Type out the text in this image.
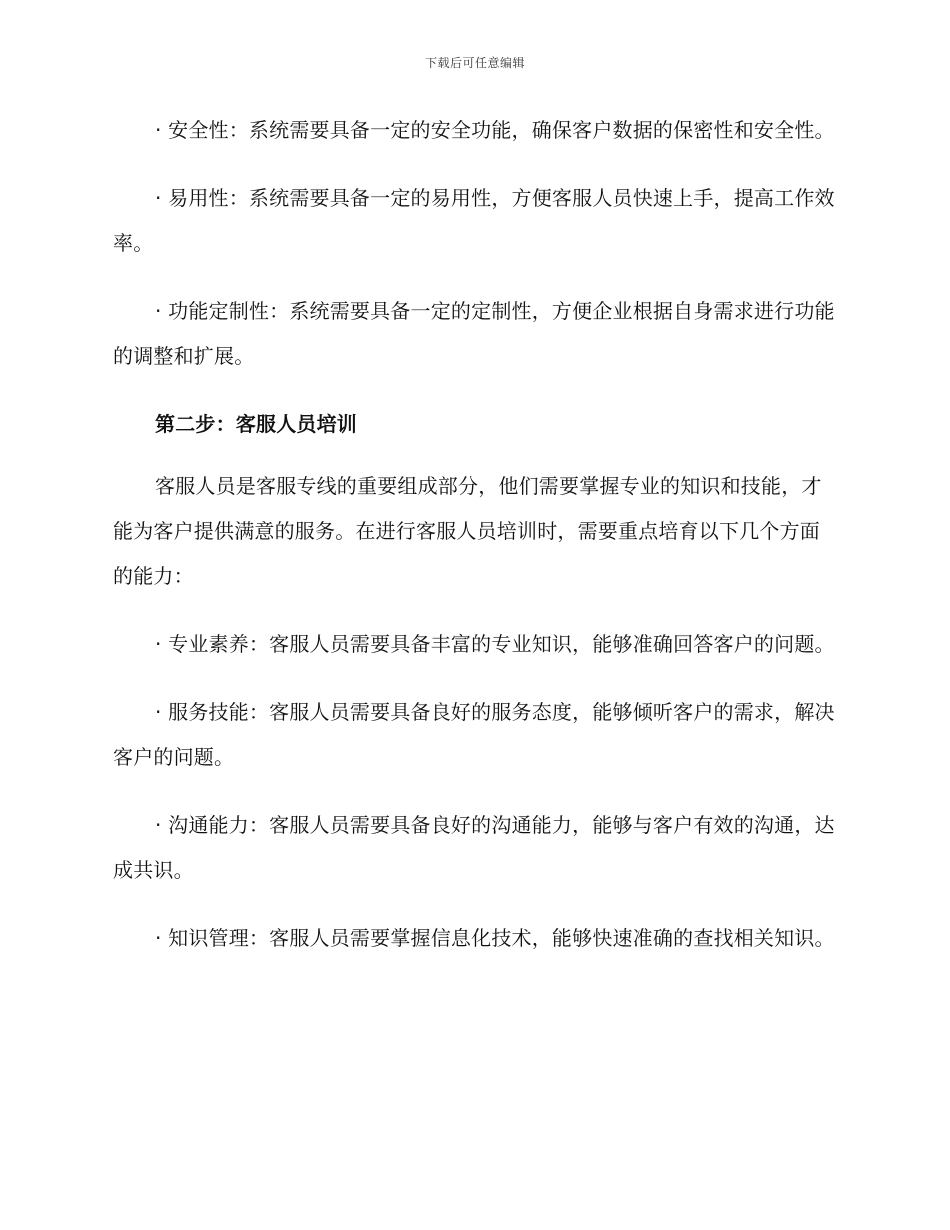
下载后可任意编辑

· 安全性：系统需要具备一定的安全功能，确保客户数据的保密性和安全性。

· 易用性：系统需要具备一定的易用性，方便客服人员快速上手，提高工作效率。

· 功能定制性：系统需要具备一定的定制性，方便企业根据自身需求进行功能的调整和扩展。

第二步：客服人员培训

客服人员是客服专线的重要组成部分，他们需要掌握专业的知识和技能，才能为客户提供满意的服务。在进行客服人员培训时，需要重点培育以下几个方面的能力：

· 专业素养：客服人员需要具备丰富的专业知识，能够准确回答客户的问题。

· 服务技能：客服人员需要具备良好的服务态度，能够倾听客户的需求，解决客户的问题。

· 沟通能力：客服人员需要具备良好的沟通能力，能够与客户有效的沟通，达成共识。

· 知识管理：客服人员需要掌握信息化技术，能够快速准确的查找相关知识。
